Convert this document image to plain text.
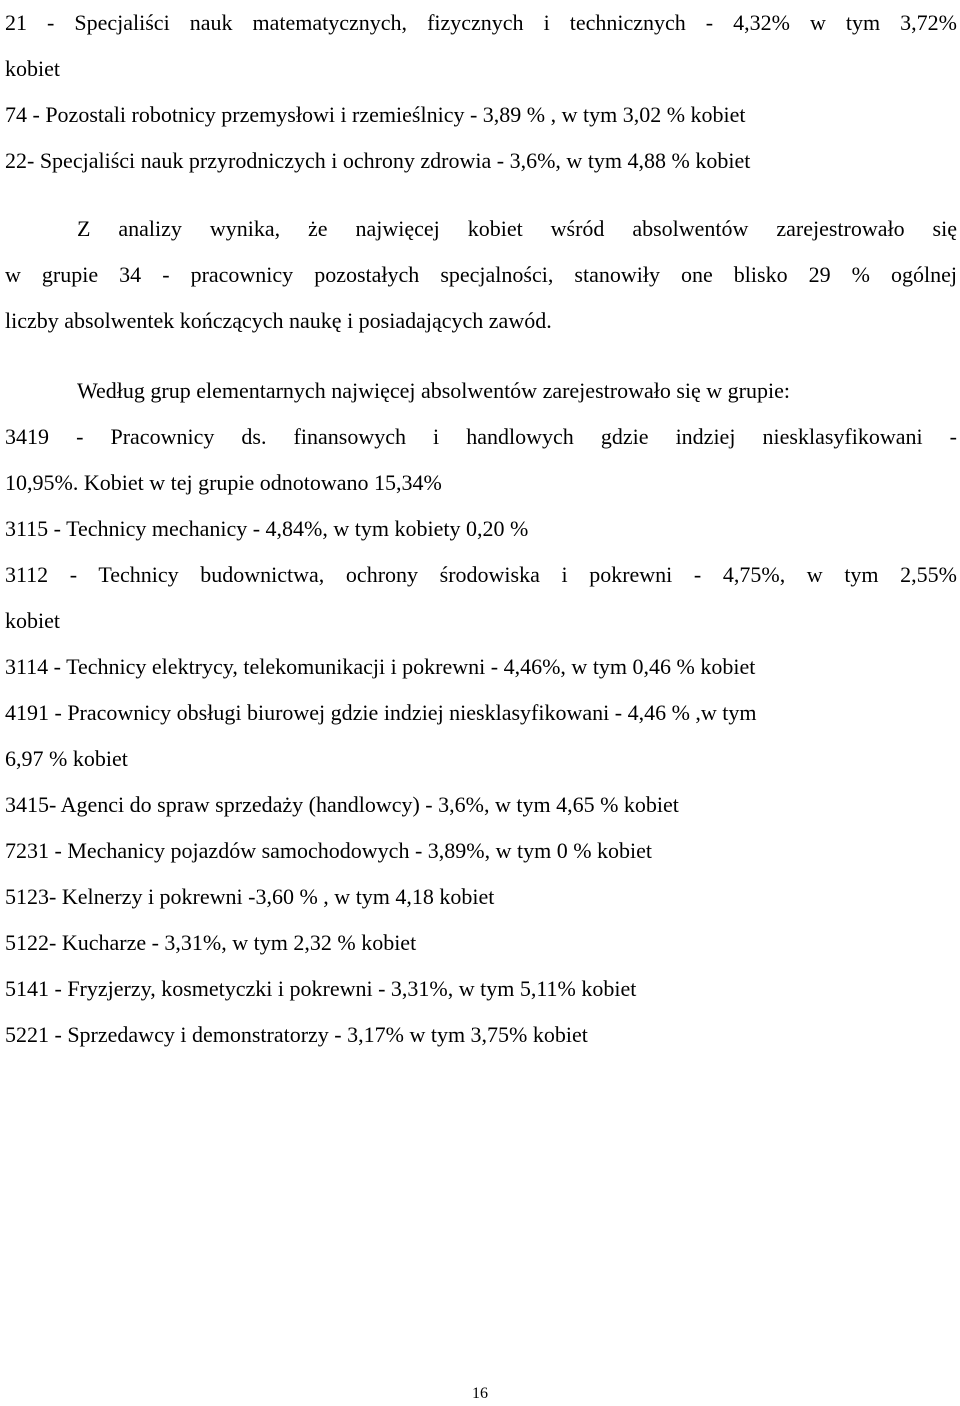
21 - Specjaliści nauk matematycznych, fizycznych i technicznych - 4,32% w tym 3,72%

kobiet

74 - Pozostali robotnicy przemysłowi i rzemieślnicy - 3,89 % , w tym 3,02 % kobiet

22- Specjaliści nauk przyrodniczych i ochrony zdrowia - 3,6%, w tym 4,88 % kobiet

Z analizy wynika, że najwięcej kobiet wśród absolwentów zarejestrowało się

w grupie 34 - pracownicy pozostałych specjalności, stanowiły one blisko 29 % ogólnej

liczby absolwentek kończących naukę i posiadających zawód.

Według grup elementarnych najwięcej absolwentów zarejestrowało się w grupie:

3419 - Pracownicy ds. finansowych i handlowych gdzie indziej niesklasyfikowani -

10,95%. Kobiet w tej grupie odnotowano 15,34%

3115 - Technicy mechanicy - 4,84%, w tym kobiety 0,20 %

3112 - Technicy budownictwa, ochrony środowiska i pokrewni - 4,75%, w tym 2,55%

kobiet

3114 - Technicy elektrycy, telekomunikacji i pokrewni - 4,46%, w tym 0,46 % kobiet

4191 - Pracownicy obsługi biurowej gdzie indziej niesklasyfikowani - 4,46 % ,w tym

6,97 % kobiet

3415- Agenci do spraw sprzedaży (handlowcy) - 3,6%, w tym 4,65 % kobiet

7231 - Mechanicy pojazdów samochodowych - 3,89%, w tym 0 % kobiet

5123- Kelnerzy i pokrewni -3,60 % , w tym 4,18 kobiet

5122- Kucharze - 3,31%, w tym 2,32 % kobiet

5141 - Fryzjerzy, kosmetyczki i pokrewni - 3,31%, w tym 5,11% kobiet

5221 - Sprzedawcy i demonstratorzy - 3,17% w tym 3,75% kobiet

16
